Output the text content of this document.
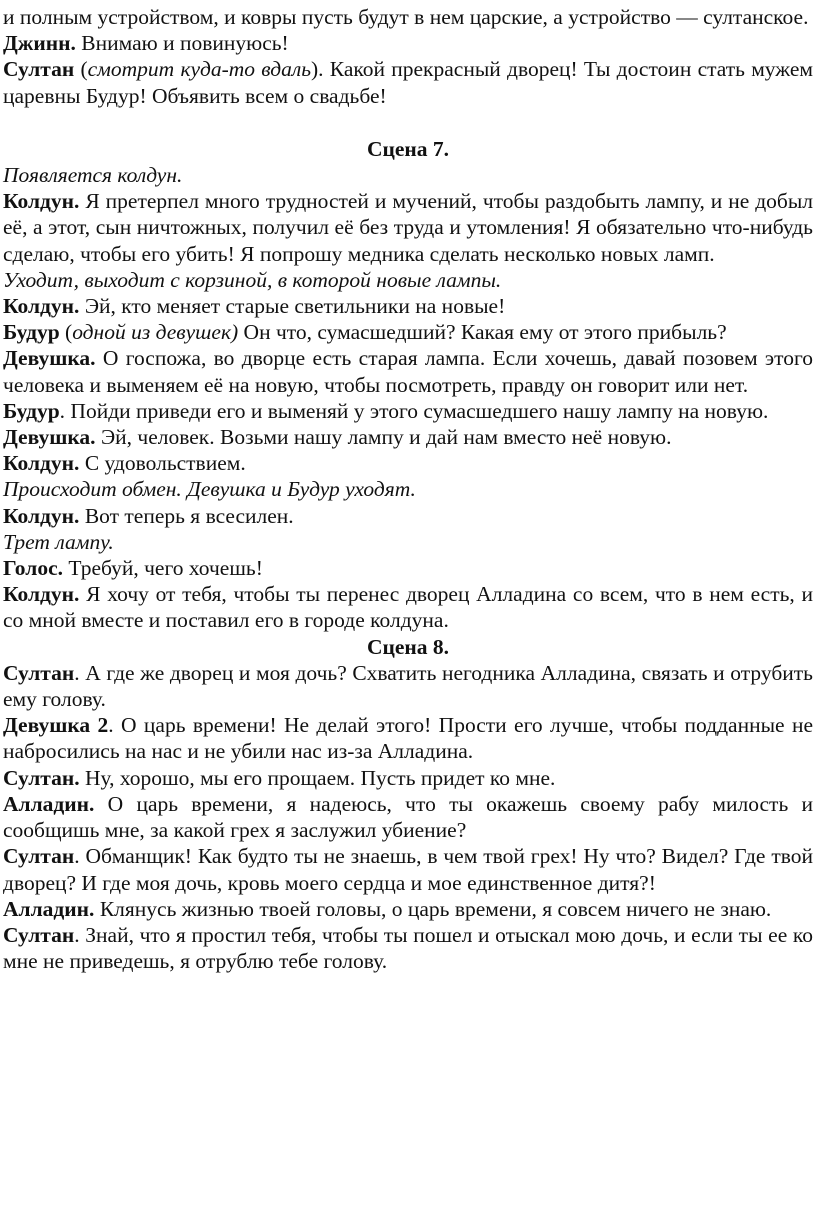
и полным устройством, и ковры пусть будут в нем царские, а устройство — султанское.

Джинн. Внимаю и повинуюсь!

Султан (смотрит куда-то вдаль). Какой прекрасный дворец! Ты достоин стать мужем царевны Будур! Объявить всем о свадьбе!

Сцена 7.

Появляется колдун.

Колдун. Я претерпел много трудностей и мучений, чтобы раздобыть лампу, и не добыл её, а этот, сын ничтожных, получил её без труда и утомления! Я обязательно что-нибудь сделаю, чтобы его убить! Я попрошу медника сделать несколько новых ламп.

Уходит, выходит с корзиной, в которой новые лампы.

Колдун. Эй, кто меняет старые светильники на новые!

Будур (одной из девушек) Он что, сумасшедший? Какая ему от этого прибыль?

Девушка. О госпожа, во дворце есть старая лампа. Если хочешь, давай позовем этого человека и выменяем её на новую, чтобы посмотреть, правду он говорит или нет.

Будур. Пойди приведи его и выменяй у этого сумасшедшего нашу лампу на новую.

Девушка. Эй, человек. Возьми нашу лампу и дай нам вместо неё новую.

Колдун. С удовольствием.

Происходит обмен. Девушка и Будур уходят.

Колдун. Вот теперь я всесилен.

Трет лампу.

Голос. Требуй, чего хочешь!

Колдун. Я хочу от тебя, чтобы ты перенес дворец Алладина со всем, что в нем есть, и со мной вместе и поставил его в городе колдуна.

Сцена 8.

Султан. А где же дворец и моя дочь? Схватить негодника Алладина, связать и отрубить ему голову.

Девушка 2. О царь времени! Не делай этого! Прости его лучше, чтобы подданные не набросились на нас и не убили нас из-за Алладина.

Султан. Ну, хорошо, мы его прощаем. Пусть придет ко мне.

Алладин. О царь времени, я надеюсь, что ты окажешь своему рабу милость и сообщишь мне, за какой грех я заслужил убиение?

Султан. Обманщик! Как будто ты не знаешь, в чем твой грех! Ну что? Видел? Где твой дворец? И где моя дочь, кровь моего сердца и мое единственное дитя?!

Алладин. Клянусь жизнью твоей головы, о царь времени, я совсем ничего не знаю.

Султан. Знай, что я простил тебя, чтобы ты пошел и отыскал мою дочь, и если ты ее ко мне не приведешь, я отрублю тебе голову.
